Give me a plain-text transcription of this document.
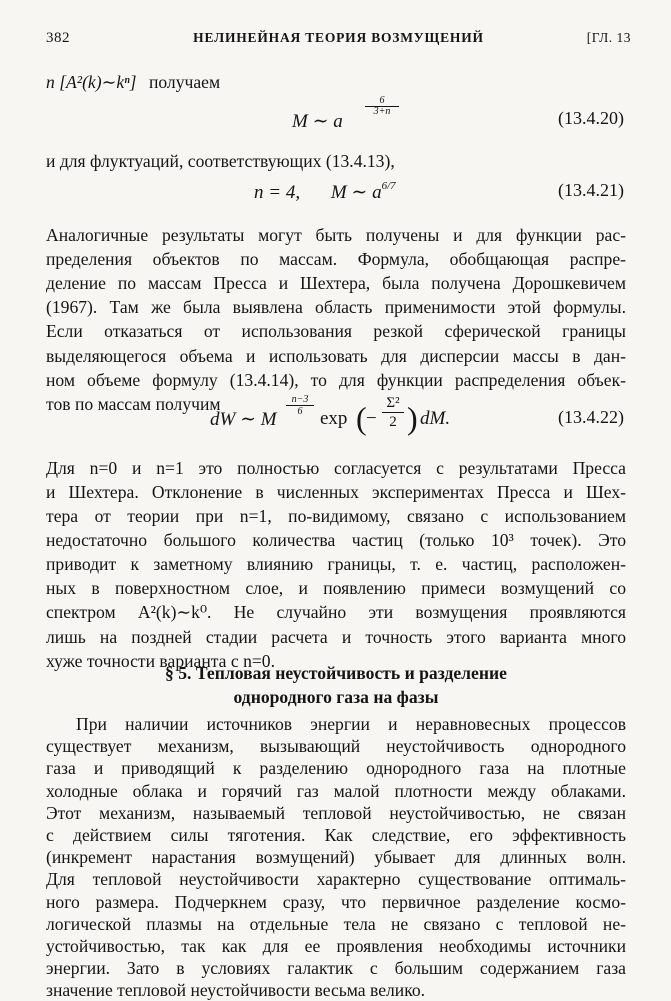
382	НЕЛИНЕЙНАЯ ТЕОРИЯ ВОЗМУЩЕНИЙ	[ГЛ. 13
n [A²(k)∼kⁿ] получаем
M ∼ a
$\frac{6}{3+n}$
(13.4.20)
и для флуктуаций, соответствующих (13.4.13),
n = 4, M ∼ $a^{6/7}$	(13.4.21)
Аналогичные результаты могут быть получены и для функции рас-
пределения объектов по массам. Формула, обобщающая распре-
деление по массам Пресса и Шехтера, была получена Дорошкевичем
(1967). Там же была выявлена область применимости этой формулы.
Если отказаться от использования резкой сферической границы
выделяющегося объема и использовать для дисперсии массы в дан-
ном объеме формулу (13.4.14), то для функции распределения объек-
тов по массам получим
dW ∼ M
$\frac{n-3}{6}$
exp ( − $\frac{\text{Σ²}}{2}$ ) dM.	(13.4.22)
Для n=0 и n=1 это полностью согласуется с результатами Пресса
и Шехтера. Отклонение в численных экспериментах Пресса и Шех-
тера от теории при n=1, по-видимому, связано с использованием
недостаточно большого количества частиц (только 10³ точек). Это
приводит к заметному влиянию границы, т. е. частиц, расположен-
ных в поверхностном слое, и появлению примеси возмущений со
спектром A²(k)∼k⁰. Не случайно эти возмущения проявляются
лишь на поздней стадии расчета и точность этого варианта много
хуже точности варианта с n=0.
§ 5. Тепловая неустойчивость и разделение
однородного газа на фазы
При наличии источников энергии и неравновесных процессов
существует механизм, вызывающий неустойчивость однородного
газа и приводящий к разделению однородного газа на плотные
холодные облака и горячий газ малой плотности между облаками.
Этот механизм, называемый тепловой неустойчивостью, не связан
с действием силы тяготения. Как следствие, его эффективность
(инкремент нарастания возмущений) убывает для длинных волн.
Для тепловой неустойчивости характерно существование оптималь-
ного размера. Подчеркнем сразу, что первичное разделение космо-
логической плазмы на отдельные тела не связано с тепловой не-
устойчивостью, так как для ее проявления необходимы источники
энергии. Зато в условиях галактик с большим содержанием газа
значение тепловой неустойчивости весьма велико.
